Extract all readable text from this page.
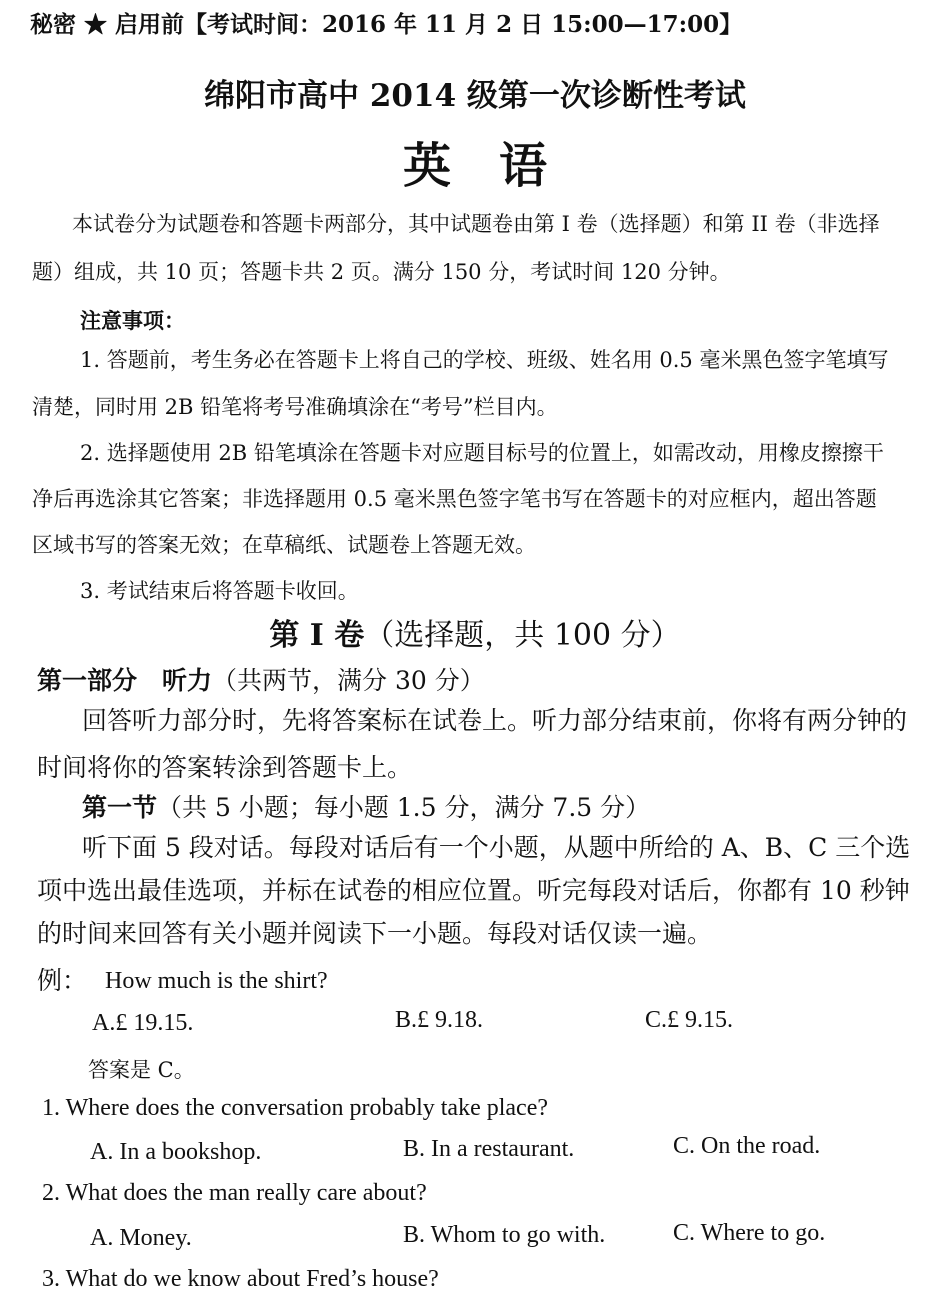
秘密 ★ 启用前【考试时间：2016 年 11 月 2 日 15:00—17:00】
绵阳市高中 2014 级第一次诊断性考试
英　语
本试卷分为试题卷和答题卡两部分，其中试题卷由第 I 卷（选择题）和第 II 卷（非选择
题）组成，共 10 页；答题卡共 2 页。满分 150 分，考试时间 120 分钟。
注意事项：
1. 答题前，考生务必在答题卡上将自己的学校、班级、姓名用 0.5 毫米黑色签字笔填写
清楚，同时用 2B 铅笔将考号准确填涂在“考号”栏目内。
2. 选择题使用 2B 铅笔填涂在答题卡对应题目标号的位置上，如需改动，用橡皮擦擦干
净后再选涂其它答案；非选择题用 0.5 毫米黑色签字笔书写在答题卡的对应框内，超出答题
区域书写的答案无效；在草稿纸、试题卷上答题无效。
3. 考试结束后将答题卡收回。
第 I 卷（选择题，共 100 分）
第一部分　听力（共两节，满分 30 分）
回答听力部分时，先将答案标在试卷上。听力部分结束前，你将有两分钟的
时间将你的答案转涂到答题卡上。
第一节（共 5 小题；每小题 1.5 分，满分 7.5 分）
听下面 5 段对话。每段对话后有一个小题，从题中所给的 A、B、C 三个选
项中选出最佳选项，并标在试卷的相应位置。听完每段对话后，你都有 10 秒钟
的时间来回答有关小题并阅读下一小题。每段对话仅读一遍。
例： How much is the shirt?
A.£ 19.15.	B.£ 9.18.	C.£ 9.15.
答案是 C。
1. Where does the conversation probably take place?
A. In a bookshop.	B. In a restaurant.	C. On the road.
2. What does the man really care about?
A. Money.	B. Whom to go with.	C. Where to go.
3. What do we know about Fred’s house?
